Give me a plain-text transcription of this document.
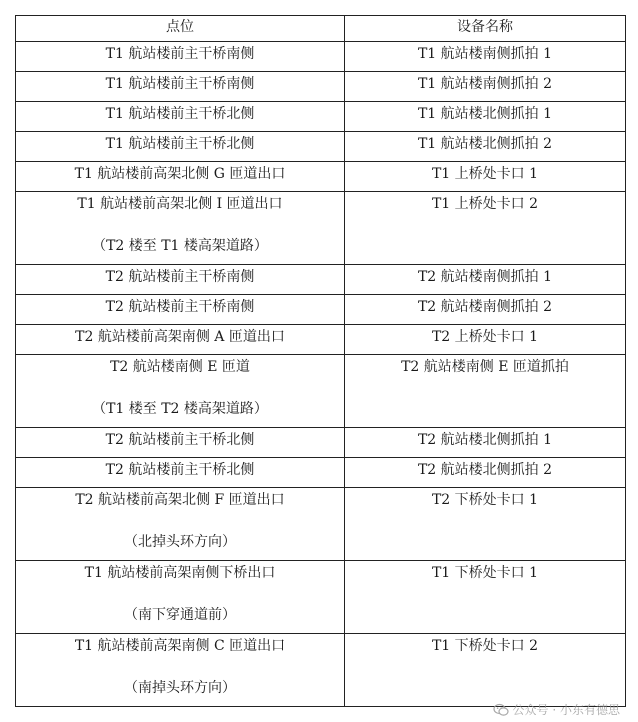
点位	设备名称
T1 航站楼前主干桥南侧	T1 航站楼南侧抓拍 1
T1 航站楼前主干桥南侧	T1 航站楼南侧抓拍 2
T1 航站楼前主干桥北侧	T1 航站楼北侧抓拍 1
T1 航站楼前主干桥北侧	T1 航站楼北侧抓拍 2
T1 航站楼前高架北侧 G 匝道出口	T1 上桥处卡口 1

T1 航站楼前高架北侧 I 匝道出口
（T2 楼至 T1 楼高架道路）	T1 上桥处卡口 2
T2 航站楼前主干桥南侧	T2 航站楼南侧抓拍 1
T2 航站楼前主干桥南侧	T2 航站楼南侧抓拍 2
T2 航站楼前高架南侧 A 匝道出口	T2 上桥处卡口 1

T2 航站楼南侧 E 匝道
（T1 楼至 T2 楼高架道路）	T2 航站楼南侧 E 匝道抓拍
T2 航站楼前主干桥北侧	T2 航站楼北侧抓拍 1
T2 航站楼前主干桥北侧	T2 航站楼北侧抓拍 2

T2 航站楼前高架北侧 F 匝道出口
（北掉头环方向）	T2 下桥处卡口 1

T1 航站楼前高架南侧下桥出口
（南下穿通道前）	T1 下桥处卡口 1

T1 航站楼前高架南侧 C 匝道出口
（南掉头环方向）	T1 下桥处卡口 2
公众号 · 小东有德思
